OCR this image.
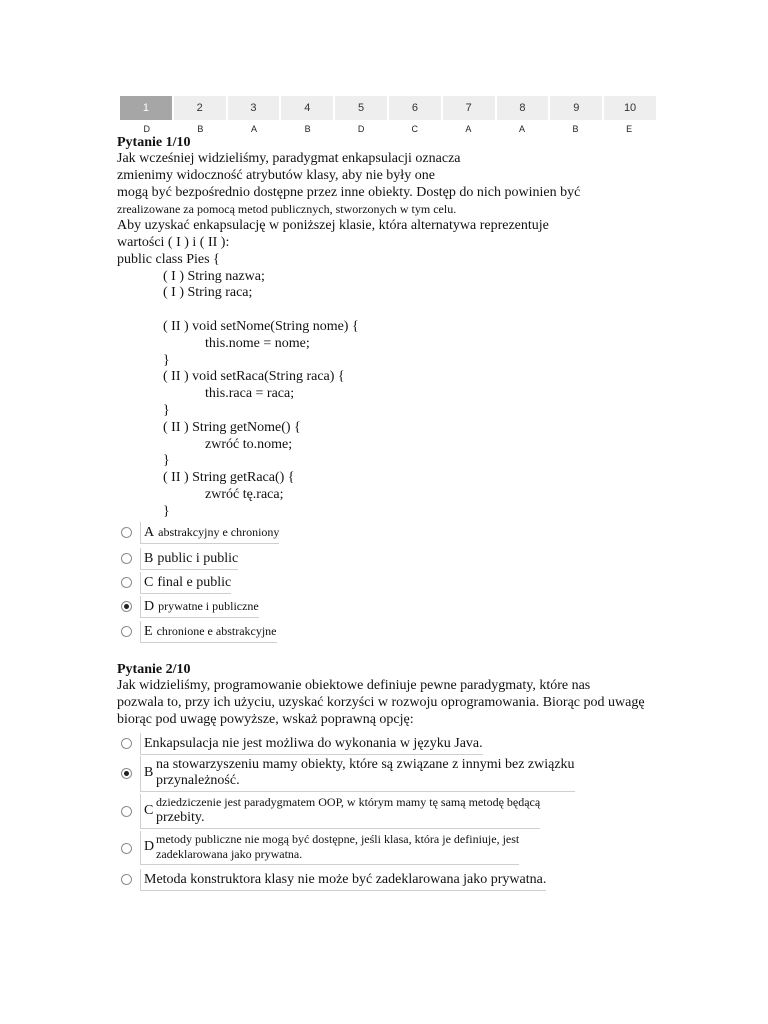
1	2	3	4	5	6	7	8	9	10
D	B	A	B	D	C	A	A	B	E
Pytanie 1/10
Jak wcześniej widzieliśmy, paradygmat enkapsulacji oznacza
zmienimy widoczność atrybutów klasy, aby nie były one
mogą być bezpośrednio dostępne przez inne obiekty. Dostęp do nich powinien być
zrealizowane za pomocą metod publicznych, stworzonych w tym celu.
Aby uzyskać enkapsulację w poniższej klasie, która alternatywa reprezentuje
wartości ( I ) i ( II ):
public class Pies {
( I ) String nazwa;
( I ) String raca;

( II ) void setNome(String nome) {
this.nome = nome;
}
( II ) void setRaca(String raca) {
this.raca = raca;
}
( II ) String getNome() {
zwróć to.nome;
}
( II ) String getRaca() {
zwróć tę.raca;
}
A abstrakcyjny e chroniony
B public i public
C final e public
D prywatne i publiczne
E chronione e abstrakcyjne
Pytanie 2/10
Jak widzieliśmy, programowanie obiektowe definiuje pewne paradygmaty, które nas
pozwala to, przy ich użyciu, uzyskać korzyści w rozwoju oprogramowania. Biorąc pod uwagę
biorąc pod uwagę powyższe, wskaż poprawną opcję:
Enkapsulacja nie jest możliwa do wykonania w języku Java.
B
na stowarzyszeniu mamy obiekty, które są związane z innymi bez związku
przynależność.
C
dziedziczenie jest paradygmatem OOP, w którym mamy tę samą metodę będącą
przebity.
D metody publiczne nie mogą być dostępne, jeśli klasa, która je definiuje, jest
zadeklarowana jako prywatna.
Metoda konstruktora klasy nie może być zadeklarowana jako prywatna.
